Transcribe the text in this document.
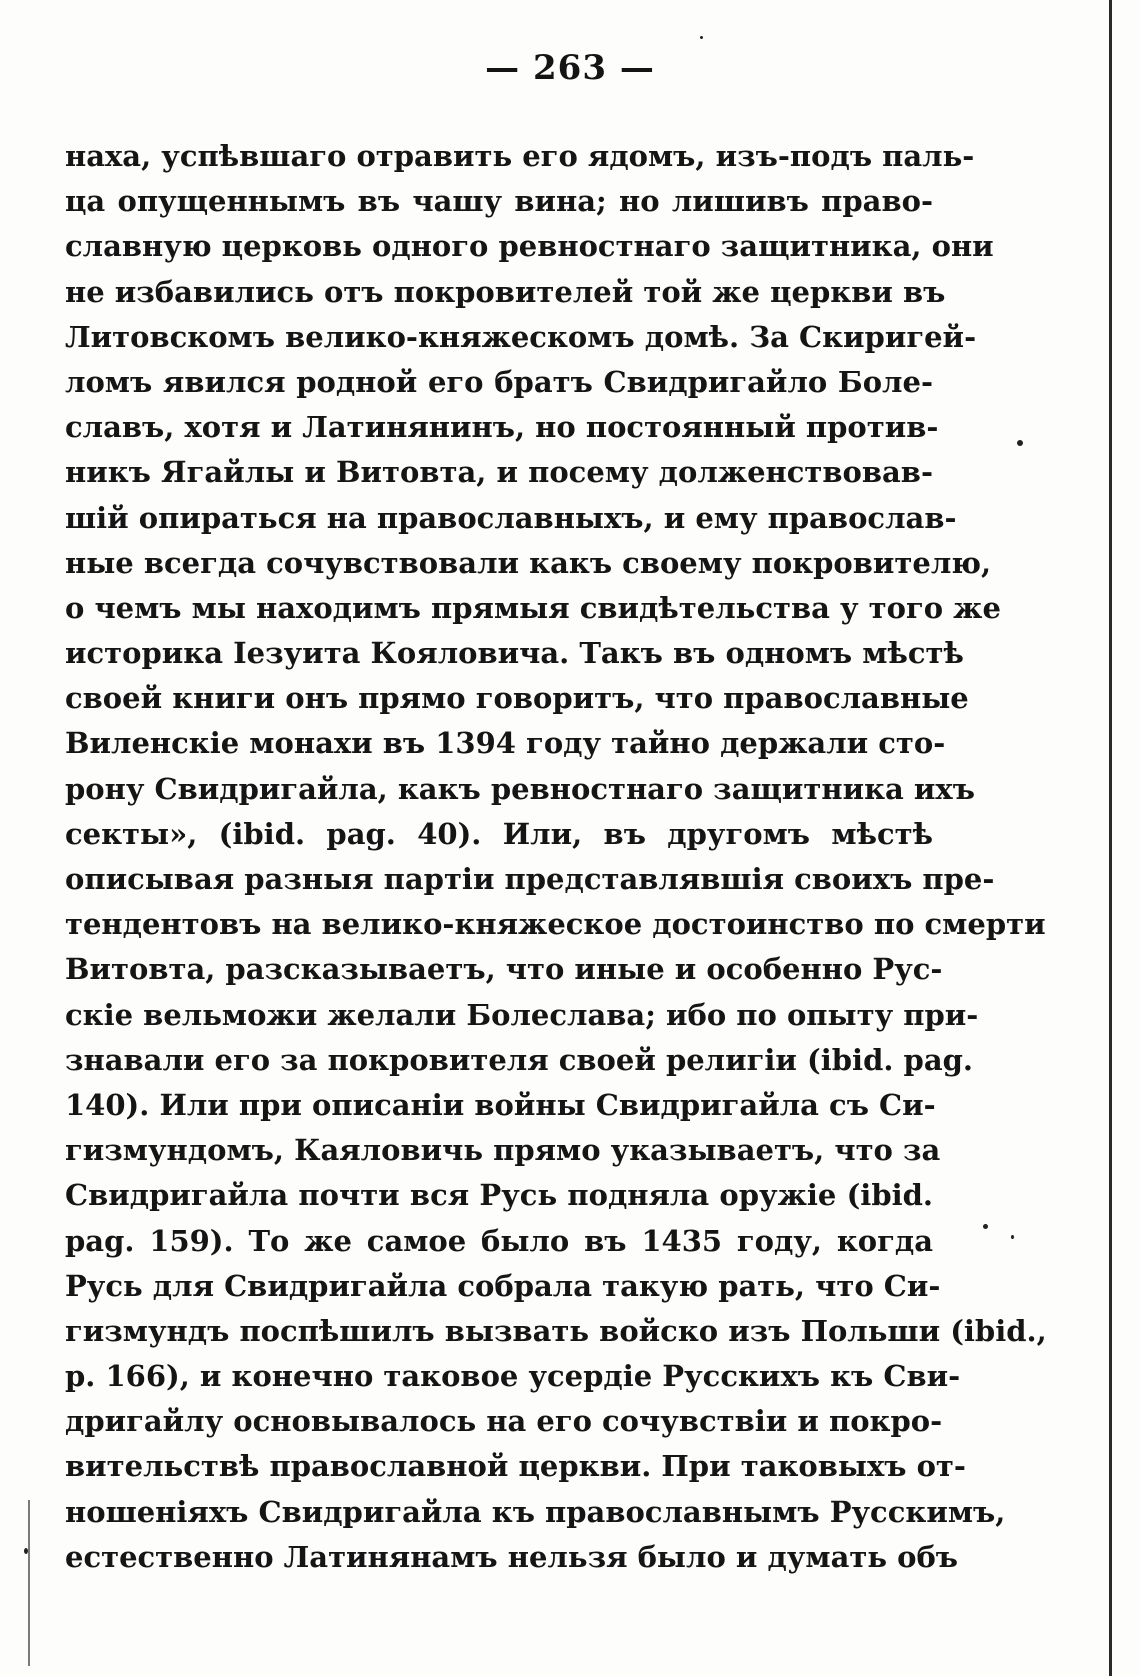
— 263 —
наха, успѣвшаго отравить его ядомъ, изъ-подъ паль-
ца опущеннымъ въ чашу вина; но лишивъ право-
славную церковь одного ревностнаго защитника, они
не избавились отъ покровителей той же церкви въ
Литовскомъ велико-княжескомъ домѣ. За Скиригей-
ломъ явился родной его братъ Свидригайло Боле-
славъ, хотя и Латинянинъ, но постоянный против-
никъ Ягайлы и Витовта, и посему долженствовав-
шій опираться на православныхъ, и ему православ-
ные всегда сочувствовали какъ своему покровителю,
о чемъ мы находимъ прямыя свидѣтельства у того же
историка Іезуита Кояловича. Такъ въ одномъ мѣстѣ
своей книги онъ прямо говоритъ, что православные
Виленскіе монахи въ 1394 году тайно держали сто-
рону Свидригайла, какъ ревностнаго защитника ихъ
секты», (ibid. pag. 40). Или, въ другомъ мѣстѣ
описывая разныя партіи представлявшія своихъ пре-
тендентовъ на велико-княжеское достоинство по смерти
Витовта, разсказываетъ, что иные и особенно Рус-
скіе вельможи желали Болеслава; ибо по опыту при-
знавали его за покровителя своей религіи (ibid. pag.
140). Или при описаніи войны Свидригайла съ Си-
гизмундомъ, Каяловичь прямо указываетъ, что за
Свидригайла почти вся Русь подняла оружіе (ibid.
pag. 159). То же самое было въ 1435 году, когда
Русь для Свидригайла собрала такую рать, что Си-
гизмундъ поспѣшилъ вызвать войско изъ Польши (ibid.,
p. 166), и конечно таковое усердіе Русскихъ къ Сви-
дригайлу основывалось на его сочувствіи и покро-
вительствѣ православной церкви. При таковыхъ от-
ношеніяхъ Свидригайла къ православнымъ Русскимъ,
естественно Латинянамъ нельзя было и думать объ
